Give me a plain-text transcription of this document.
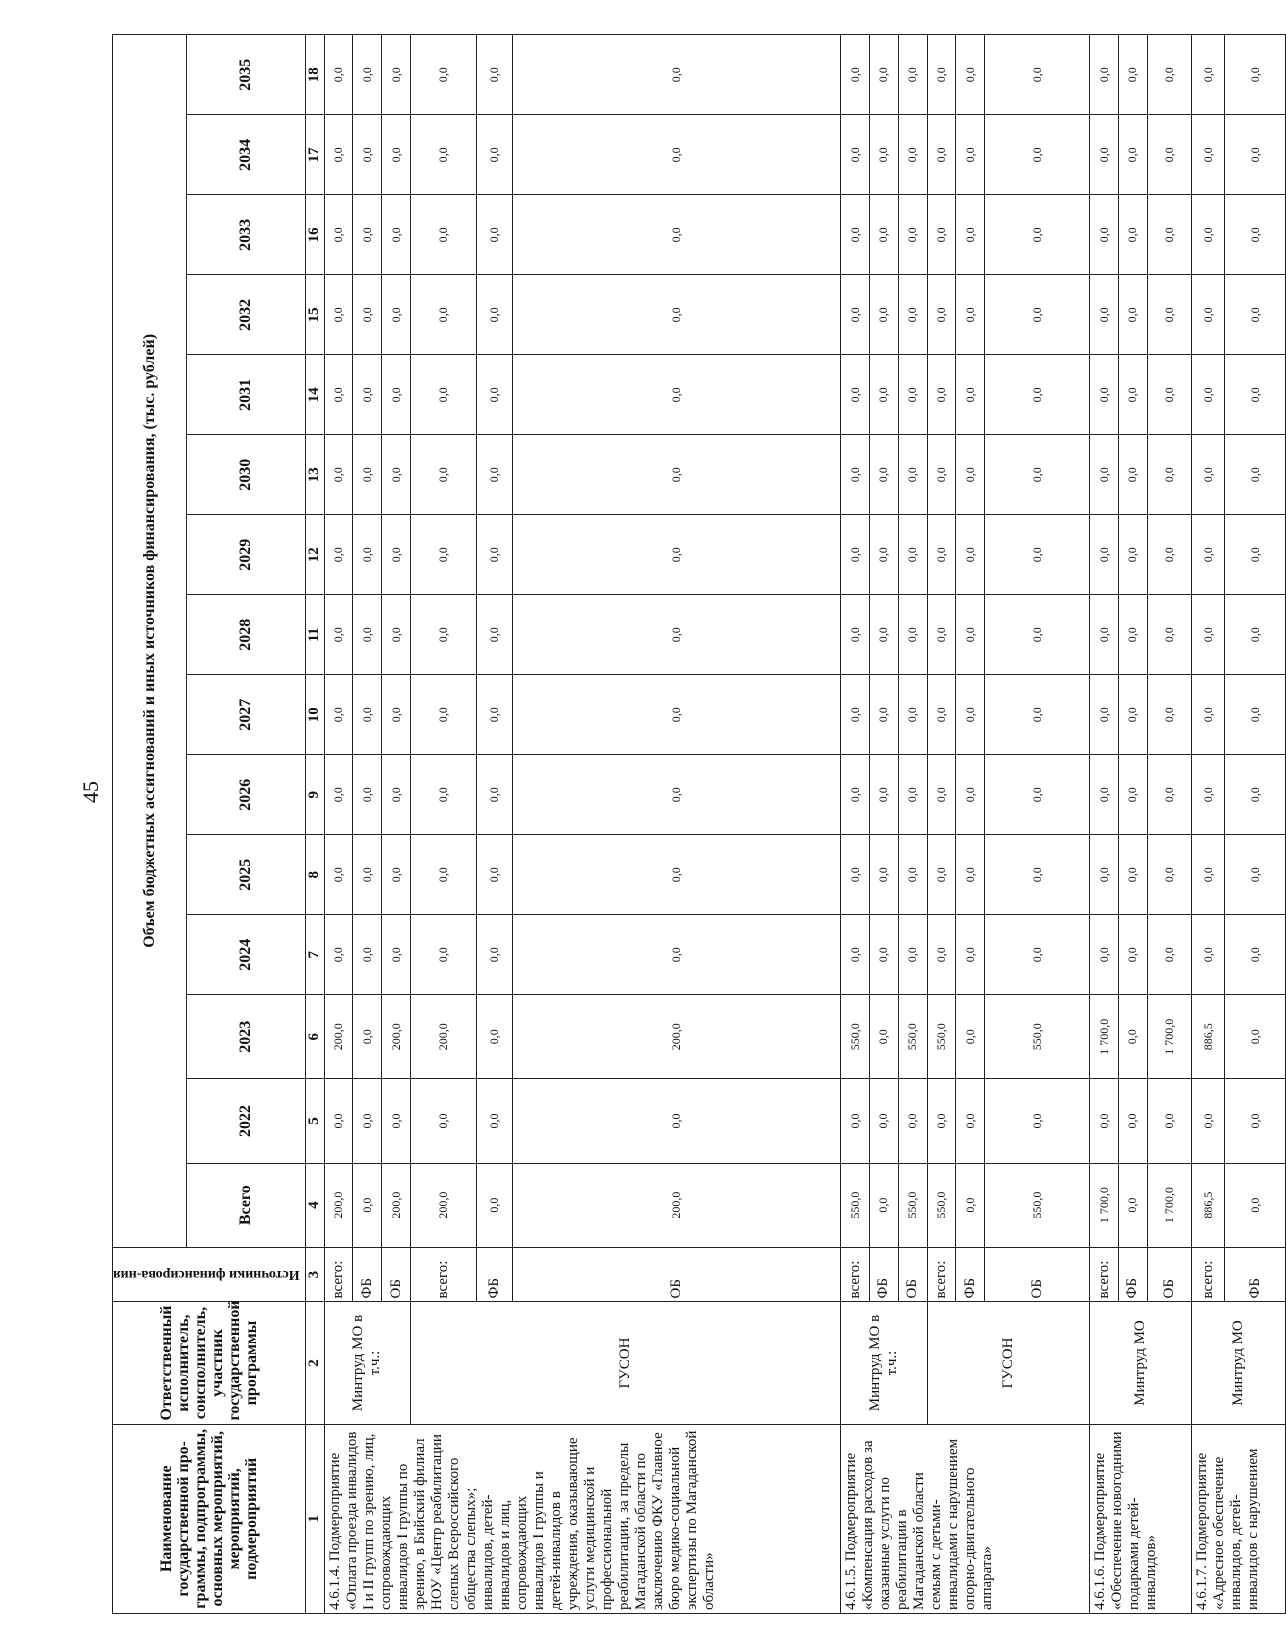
45
Наименование государственной про-граммы, подпрограммы, основных мероприятий, мероприятий, подмероприятий	Ответственный исполнитель, соисполнитель, участник государственной программы	Источники финансирова-ния	Объем бюджетных ассигнований и иных источников финансирования, (тыс. рублей)														
			Всего	2022	2023	2024	2025	2026	2027	2028	2029	2030	2031	2032	2033	2034	2035
1	2	3	4	5	6	7	8	9	10	11	12	13	14	15	16	17	18
4.6.1.4. Подмероприятие «Оплата проезда инвалидов I и II групп по зрению, лиц, сопровождающих инвалидов I группы по зрению, в Бийский филиал НОУ «Центр реабилитации слепых Всероссийского общества слепых»; инвалидов, детей-инвалидов и лиц, сопровождающих инвалидов I группы и детей-инвалидов в учреждения, оказывающие услуги медицинской и профессиональной реабилитации, за пределы Магаданской области по заключению ФКУ «Главное бюро медико-социальной экспертизы по Магаданской области»	Минтруд МО в т.ч.:	всего:	200,0	0,0	200,0	0,0	0,0	0,0	0,0	0,0	0,0	0,0	0,0	0,0	0,0	0,0	0,0
		ФБ	0,0	0,0	0,0	0,0	0,0	0,0	0,0	0,0	0,0	0,0	0,0	0,0	0,0	0,0	0,0
		ОБ	200,0	0,0	200,0	0,0	0,0	0,0	0,0	0,0	0,0	0,0	0,0	0,0	0,0	0,0	0,0
	ГУСОН	всего:	200,0	0,0	200,0	0,0	0,0	0,0	0,0	0,0	0,0	0,0	0,0	0,0	0,0	0,0	0,0
		ФБ	0,0	0,0	0,0	0,0	0,0	0,0	0,0	0,0	0,0	0,0	0,0	0,0	0,0	0,0	0,0
		ОБ	200,0	0,0	200,0	0,0	0,0	0,0	0,0	0,0	0,0	0,0	0,0	0,0	0,0	0,0	0,0
4.6.1.5. Подмероприятие «Компенсация расходов за оказанные услуги по реабилитации в Магаданской области семьям с детьми-инвалидами с нарушением опорно-двигательного аппарата»	Минтруд МО в т.ч.:	всего:	550,0	0,0	550,0	0,0	0,0	0,0	0,0	0,0	0,0	0,0	0,0	0,0	0,0	0,0	0,0
		ФБ	0,0	0,0	0,0	0,0	0,0	0,0	0,0	0,0	0,0	0,0	0,0	0,0	0,0	0,0	0,0
		ОБ	550,0	0,0	550,0	0,0	0,0	0,0	0,0	0,0	0,0	0,0	0,0	0,0	0,0	0,0	0,0
	ГУСОН	всего:	550,0	0,0	550,0	0,0	0,0	0,0	0,0	0,0	0,0	0,0	0,0	0,0	0,0	0,0	0,0
		ФБ	0,0	0,0	0,0	0,0	0,0	0,0	0,0	0,0	0,0	0,0	0,0	0,0	0,0	0,0	0,0
		ОБ	550,0	0,0	550,0	0,0	0,0	0,0	0,0	0,0	0,0	0,0	0,0	0,0	0,0	0,0	0,0
4.6.1.6. Подмероприятие «Обеспечение новогодними подарками детей-инвалидов»	Минтруд МО	всего:	1 700,0	0,0	1 700,0	0,0	0,0	0,0	0,0	0,0	0,0	0,0	0,0	0,0	0,0	0,0	0,0
		ФБ	0,0	0,0	0,0	0,0	0,0	0,0	0,0	0,0	0,0	0,0	0,0	0,0	0,0	0,0	0,0
		ОБ	1 700,0	0,0	1 700,0	0,0	0,0	0,0	0,0	0,0	0,0	0,0	0,0	0,0	0,0	0,0	0,0
4.6.1.7. Подмероприятие «Адресное обеспечение инвалидов, детей-инвалидов с нарушением	Минтруд МО	всего:	886,5	0,0	886,5	0,0	0,0	0,0	0,0	0,0	0,0	0,0	0,0	0,0	0,0	0,0	0,0
		ФБ	0,0	0,0	0,0	0,0	0,0	0,0	0,0	0,0	0,0	0,0	0,0	0,0	0,0	0,0	0,0
